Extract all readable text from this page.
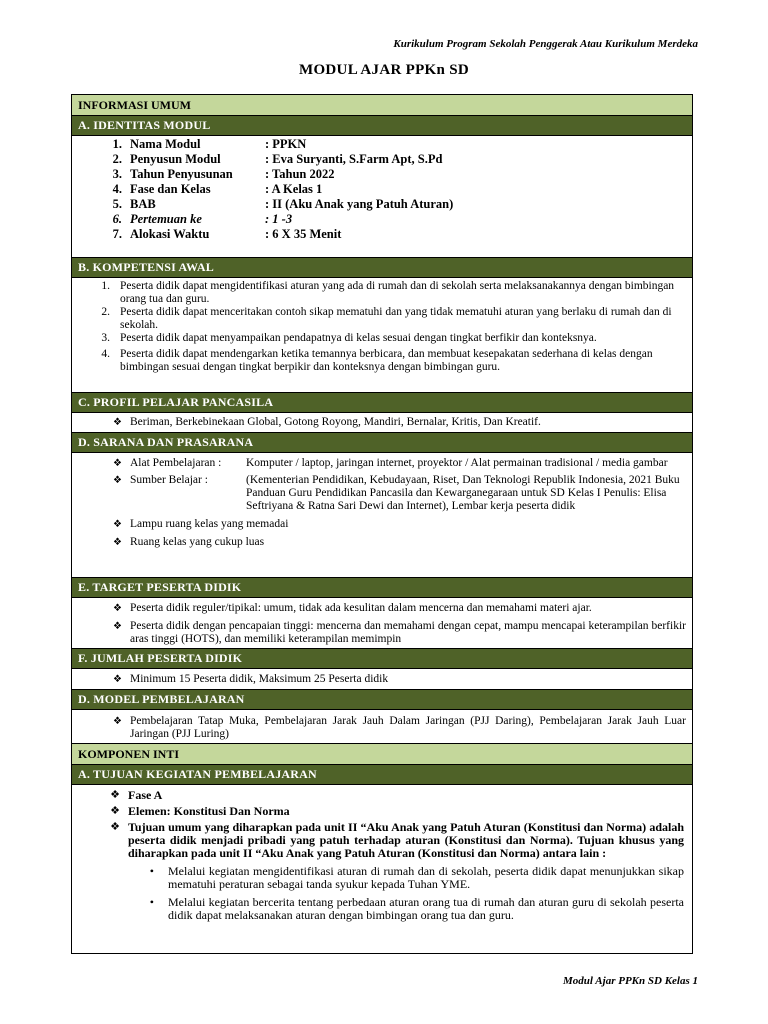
Kurikulum Program Sekolah Penggerak Atau Kurikulum Merdeka
MODUL AJAR PPKn SD
INFORMASI UMUM
A. IDENTITAS MODUL
1. Nama Modul	: PPKN
2. Penyusun Modul	: Eva Suryanti, S.Farm Apt, S.Pd
3. Tahun Penyusunan	: Tahun 2022
4. Fase dan Kelas	: A Kelas 1
5. BAB	: II (Aku Anak yang Patuh Aturan)
6. Pertemuan ke	: 1 -3
7. Alokasi Waktu	: 6 X 35 Menit
B. KOMPETENSI AWAL
1. Peserta didik dapat mengidentifikasi aturan yang ada di rumah dan di sekolah serta melaksanakannya dengan bimbingan orang tua dan guru.
2. Peserta didik dapat menceritakan contoh sikap mematuhi dan yang tidak mematuhi aturan yang berlaku di rumah dan di sekolah.
3. Peserta didik dapat menyampaikan pendapatnya di kelas sesuai dengan tingkat berfikir dan konteksnya.
4. Peserta didik dapat mendengarkan ketika temannya berbicara, dan membuat kesepakatan sederhana di kelas dengan bimbingan sesuai dengan tingkat berpikir dan konteksnya dengan bimbingan guru.
C. PROFIL PELAJAR PANCASILA
❖ Beriman, Berkebinekaan Global, Gotong Royong, Mandiri, Bernalar, Kritis, Dan Kreatif.
D. SARANA DAN PRASARANA
❖ Alat Pembelajaran :	Komputer / laptop, jaringan internet, proyektor / Alat permainan tradisional / media gambar
❖ Sumber Belajar :	(Kementerian Pendidikan, Kebudayaan, Riset, Dan Teknologi Republik Indonesia, 2021 Buku Panduan Guru Pendidikan Pancasila dan Kewarganegaraan untuk SD Kelas I Penulis: Elisa Seftriyana & Ratna Sari Dewi dan Internet), Lembar kerja peserta didik
❖ Lampu ruang kelas yang memadai
❖ Ruang kelas yang cukup luas
E. TARGET PESERTA DIDIK
❖ Peserta didik reguler/tipikal: umum, tidak ada kesulitan dalam mencerna dan memahami materi ajar.
❖ Peserta didik dengan pencapaian tinggi: mencerna dan memahami dengan cepat, mampu mencapai keterampilan berfikir aras tinggi (HOTS), dan memiliki keterampilan memimpin
F. JUMLAH PESERTA DIDIK
❖ Minimum 15 Peserta didik, Maksimum 25 Peserta didik
D. MODEL PEMBELAJARAN
❖ Pembelajaran Tatap Muka, Pembelajaran Jarak Jauh Dalam Jaringan (PJJ Daring), Pembelajaran Jarak Jauh Luar Jaringan (PJJ Luring)
KOMPONEN INTI
A. TUJUAN KEGIATAN PEMBELAJARAN
❖ Fase A
❖ Elemen: Konstitusi Dan Norma
❖ Tujuan umum yang diharapkan pada unit II “Aku Anak yang Patuh Aturan (Konstitusi dan Norma) adalah peserta didik menjadi pribadi yang patuh terhadap aturan (Konstitusi dan Norma). Tujuan khusus yang diharapkan pada unit II “Aku Anak yang Patuh Aturan (Konstitusi dan Norma) antara lain :
•	Melalui kegiatan mengidentifikasi aturan di rumah dan di sekolah, peserta didik dapat menunjukkan sikap mematuhi peraturan sebagai tanda syukur kepada Tuhan YME.
•	Melalui kegiatan bercerita tentang perbedaan aturan orang tua di rumah dan aturan guru di sekolah peserta didik dapat melaksanakan aturan dengan bimbingan orang tua dan guru.
Modul Ajar PPKn SD Kelas 1
